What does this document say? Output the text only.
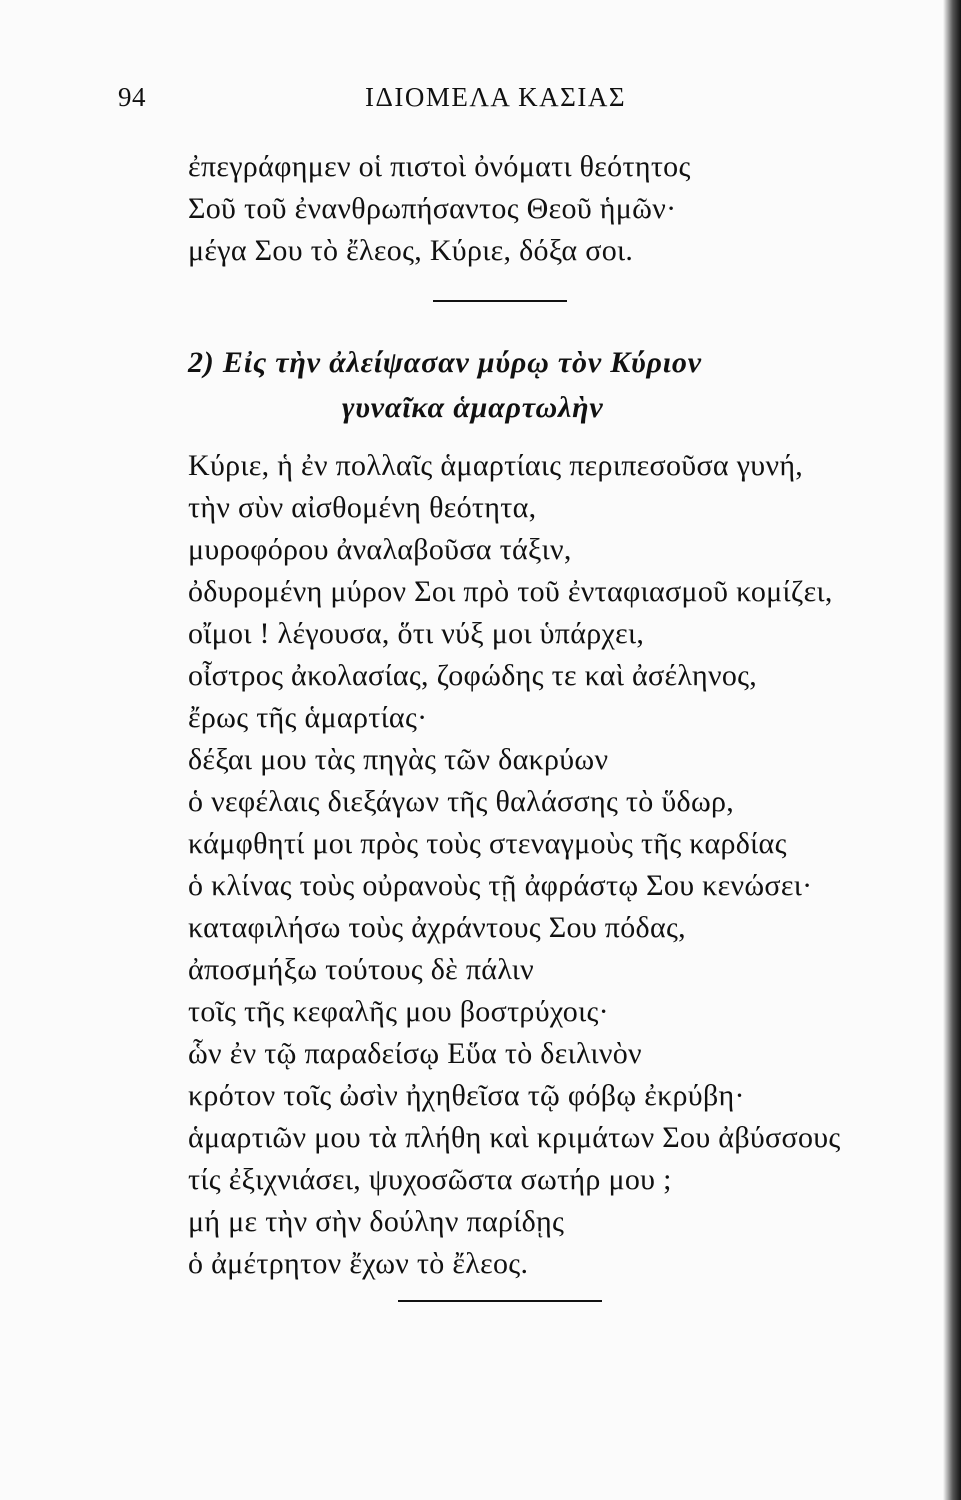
94	ΙΔΙΟΜΕΛΑ ΚΑΣΙΑΣ
ἐπεγράφημεν οἱ πιστοὶ ὀνόματι θεότητος
Σοῦ τοῦ ἐνανθρωπήσαντος Θεοῦ ἡμῶν·
μέγα Σου τὸ ἔλεος, Κύριε, δόξα σοι.
2) Εἰς τὴν ἀλείψασαν μύρῳ τὸν Κύριον
γυναῖκα ἁμαρτωλὴν
Κύριε, ἡ ἐν πολλαῖς ἁμαρτίαις περιπεσοῦσα γυνή,
τὴν σὺν αἰσθομένη θεότητα,
μυροφόρου ἀναλαβοῦσα τάξιν,
ὀδυρομένη μύρον Σοι πρὸ τοῦ ἐνταφιασμοῦ κομίζει,
οἴμοι ! λέγουσα, ὅτι νύξ μοι ὑπάρχει,
οἶστρος ἀκολασίας, ζοφώδης τε καὶ ἀσέληνος,
ἔρως τῆς ἁμαρτίας·
δέξαι μου τὰς πηγὰς τῶν δακρύων
ὁ νεφέλαις διεξάγων τῆς θαλάσσης τὸ ὕδωρ,
κάμφθητί μοι πρὸς τοὺς στεναγμοὺς τῆς καρδίας
ὁ κλίνας τοὺς οὐρανοὺς τῇ ἀφράστῳ Σου κενώσει·
καταφιλήσω τοὺς ἀχράντους Σου πόδας,
ἀποσμήξω τούτους δὲ πάλιν
τοῖς τῆς κεφαλῆς μου βοστρύχοις·
ὧν ἐν τῷ παραδείσῳ Εὕα τὸ δειλινὸν
κρότον τοῖς ὠσὶν ἠχηθεῖσα τῷ φόβῳ ἐκρύβη·
ἁμαρτιῶν μου τὰ πλήθη καὶ κριμάτων Σου ἀβύσσους
τίς ἐξιχνιάσει, ψυχοσῶστα σωτήρ μου ;
μή με τὴν σὴν δούλην παρίδῃς
ὁ ἀμέτρητον ἔχων τὸ ἔλεος.
